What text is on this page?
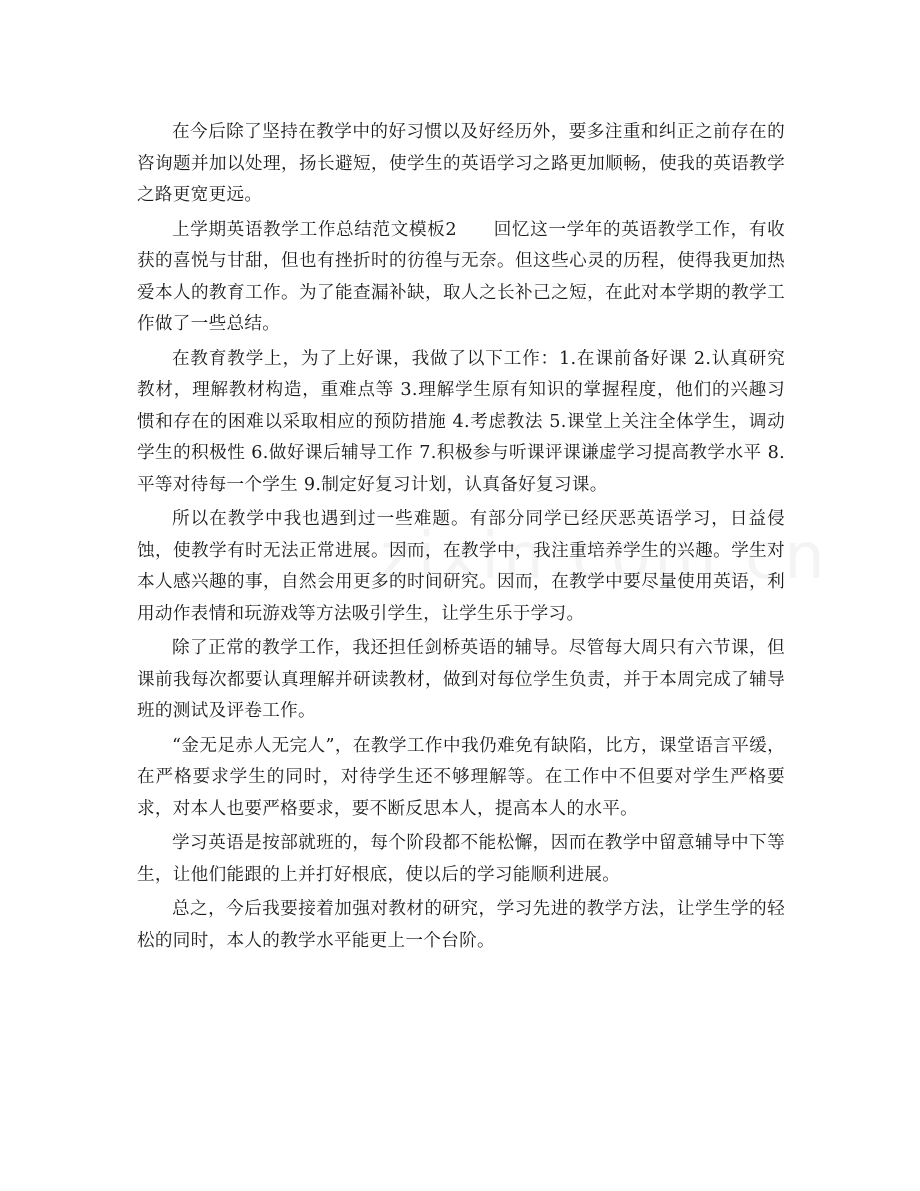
在今后除了坚持在教学中的好习惯以及好经历外，要多注重和纠正之前存在的咨询题并加以处理，扬长避短，使学生的英语学习之路更加顺畅，使我的英语教学之路更宽更远。

上学期英语教学工作总结范文模板2　　回忆这一学年的英语教学工作，有收获的喜悦与甘甜，但也有挫折时的彷徨与无奈。但这些心灵的历程，使得我更加热爱本人的教育工作。为了能查漏补缺，取人之长补己之短，在此对本学期的教学工作做了一些总结。

在教育教学上，为了上好课，我做了以下工作：1.在课前备好课 2.认真研究教材，理解教材构造，重难点等 3.理解学生原有知识的掌握程度，他们的兴趣习惯和存在的困难以采取相应的预防措施 4.考虑教法 5.课堂上关注全体学生，调动学生的积极性 6.做好课后辅导工作 7.积极参与听课评课谦虚学习提高教学水平 8.平等对待每一个学生 9.制定好复习计划，认真备好复习课。

所以在教学中我也遇到过一些难题。有部分同学已经厌恶英语学习，日益侵蚀，使教学有时无法正常进展。因而，在教学中，我注重培养学生的兴趣。学生对本人感兴趣的事，自然会用更多的时间研究。因而，在教学中要尽量使用英语，利用动作表情和玩游戏等方法吸引学生，让学生乐于学习。

除了正常的教学工作，我还担任剑桥英语的辅导。尽管每大周只有六节课，但课前我每次都要认真理解并研读教材，做到对每位学生负责，并于本周完成了辅导班的测试及评卷工作。

“金无足赤人无完人”，在教学工作中我仍难免有缺陷，比方，课堂语言平缓，在严格要求学生的同时，对待学生还不够理解等。在工作中不但要对学生严格要求，对本人也要严格要求，要不断反思本人，提高本人的水平。

学习英语是按部就班的，每个阶段都不能松懈，因而在教学中留意辅导中下等生，让他们能跟的上并打好根底，使以后的学习能顺利进展。

总之，今后我要接着加强对教材的研究，学习先进的教学方法，让学生学的轻松的同时，本人的教学水平能更上一个台阶。
